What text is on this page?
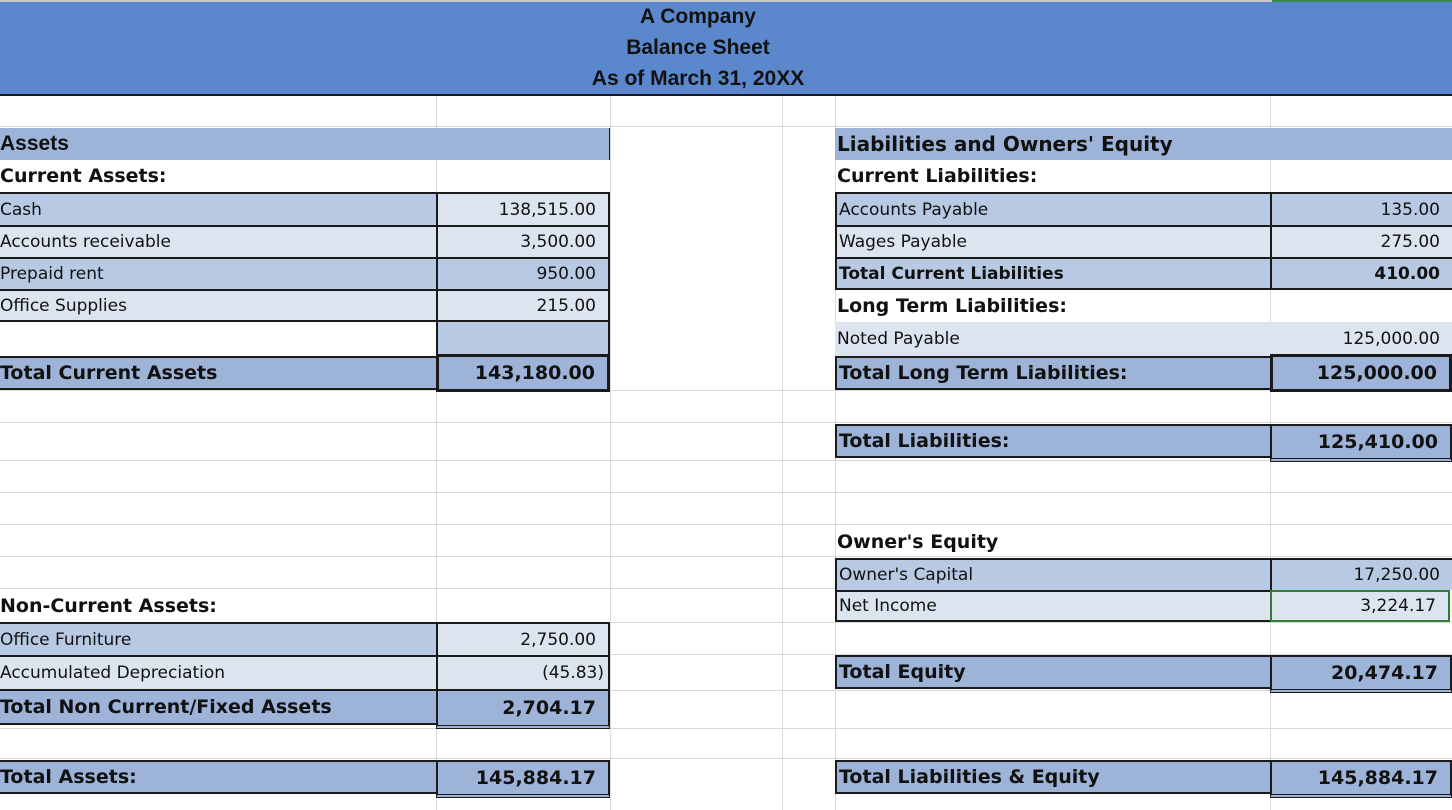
A Company
Balance Sheet
As of March 31, 20XX
Assets
Current Assets:
Cash	138,515.00
Accounts receivable	3,500.00
Prepaid rent	950.00
Office Supplies	215.00
Total Current Assets	143,180.00
Non-Current Assets:
Office Furniture	2,750.00
Accumulated Depreciation	(45.83)
Total Non Current/Fixed Assets	2,704.17
Total Assets:	145,884.17
Liabilities and Owners' Equity
Current Liabilities:
Accounts Payable	135.00
Wages Payable	275.00
Total Current Liabilities	410.00
Long Term Liabilities:
Noted Payable	125,000.00
Total Long Term Liabilities:	125,000.00
Total Liabilities:	125,410.00
Owner's Equity
Owner's Capital	17,250.00
Net Income	3,224.17
Total Equity	20,474.17
Total Liabilities & Equity	145,884.17
